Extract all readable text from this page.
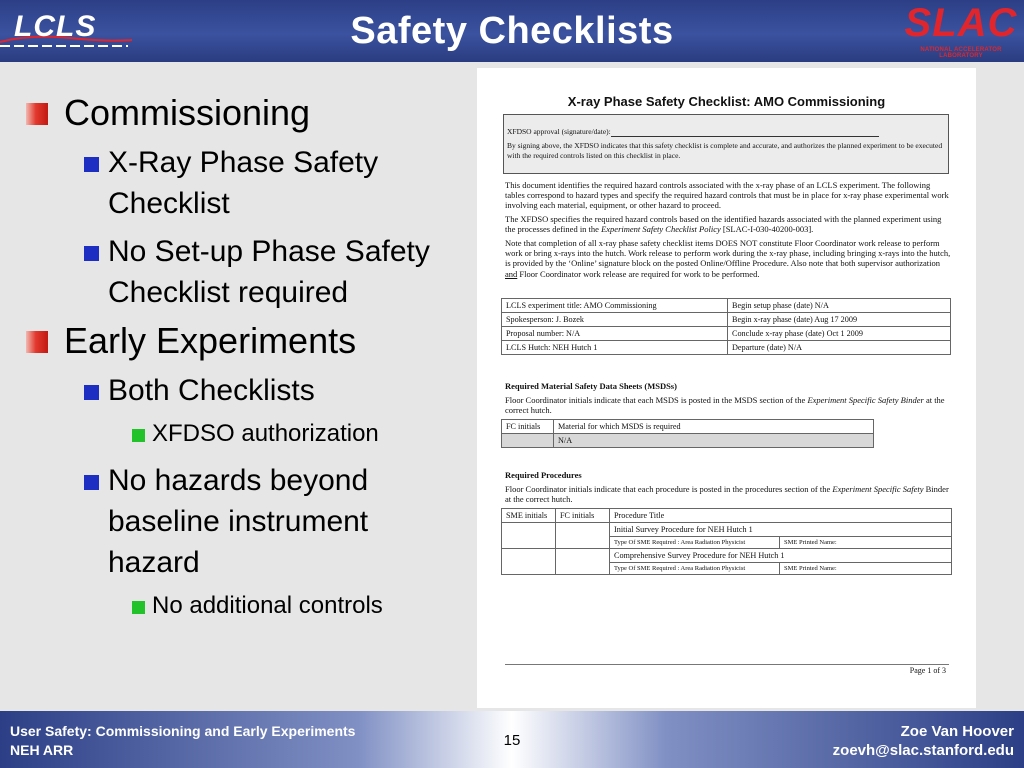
LCLS	Safety Checklists	SLAC
NATIONAL ACCELERATOR LABORATORY
Commissioning
X-Ray Phase Safety Checklist
No Set-up Phase Safety Checklist required
Early Experiments
Both Checklists
XFDSO authorization
No hazards beyond baseline instrument hazard
No additional controls
X-ray Phase Safety Checklist: AMO Commissioning
XFDSO approval (signature/date):
By signing above, the XFDSO indicates that this safety checklist is complete and accurate, and authorizes the planned experiment to be executed with the required controls listed on this checklist in place.
This document identifies the required hazard controls associated with the x-ray phase of an LCLS experiment. The following tables correspond to hazard types and specify the required hazard controls that must be in place for x-ray phase experimental work involving each material, equipment, or other hazard to proceed.
The XFDSO specifies the required hazard controls based on the identified hazards associated with the planned experiment using the processes defined in the Experiment Safety Checklist Policy [SLAC-I-030-40200-003].
Note that completion of all x-ray phase safety checklist items DOES NOT constitute Floor Coordinator work release to perform work or bring x-rays into the hutch. Work release to perform work during the x-ray phase, including bringing x-rays into the hutch, is provided by the ‘Online’ signature block on the posted Online/Offline Procedure. Also note that both supervisor authorization and Floor Coordinator work release are required for work to be performed.
LCLS experiment title: AMO Commissioning	Begin setup phase (date) N/A
Spokesperson: J. Bozek	Begin x-ray phase (date) Aug 17 2009
Proposal number: N/A	Conclude x-ray phase (date) Oct 1 2009
LCLS Hutch: NEH Hutch 1	Departure (date) N/A
Required Material Safety Data Sheets (MSDSs)
Floor Coordinator initials indicate that each MSDS is posted in the MSDS section of the Experiment Specific Safety Binder at the correct hutch.
FC initials	Material for which MSDS is required
	N/A
Required Procedures
Floor Coordinator initials indicate that each procedure is posted in the procedures section of the Experiment Specific Safety Binder at the correct hutch.
SME initials	FC initials	Procedure Title	
		Initial Survey Procedure for NEH Hutch 1	
		Type Of SME Required : Area Radiation Physicist	SME Printed Name:
		Comprehensive Survey Procedure for NEH Hutch 1	
		Type Of SME Required : Area Radiation Physicist	SME Printed Name:
Page 1 of 3
User Safety: Commissioning and Early Experiments
NEH ARR
15
Zoe Van Hoover
zoevh@slac.stanford.edu
